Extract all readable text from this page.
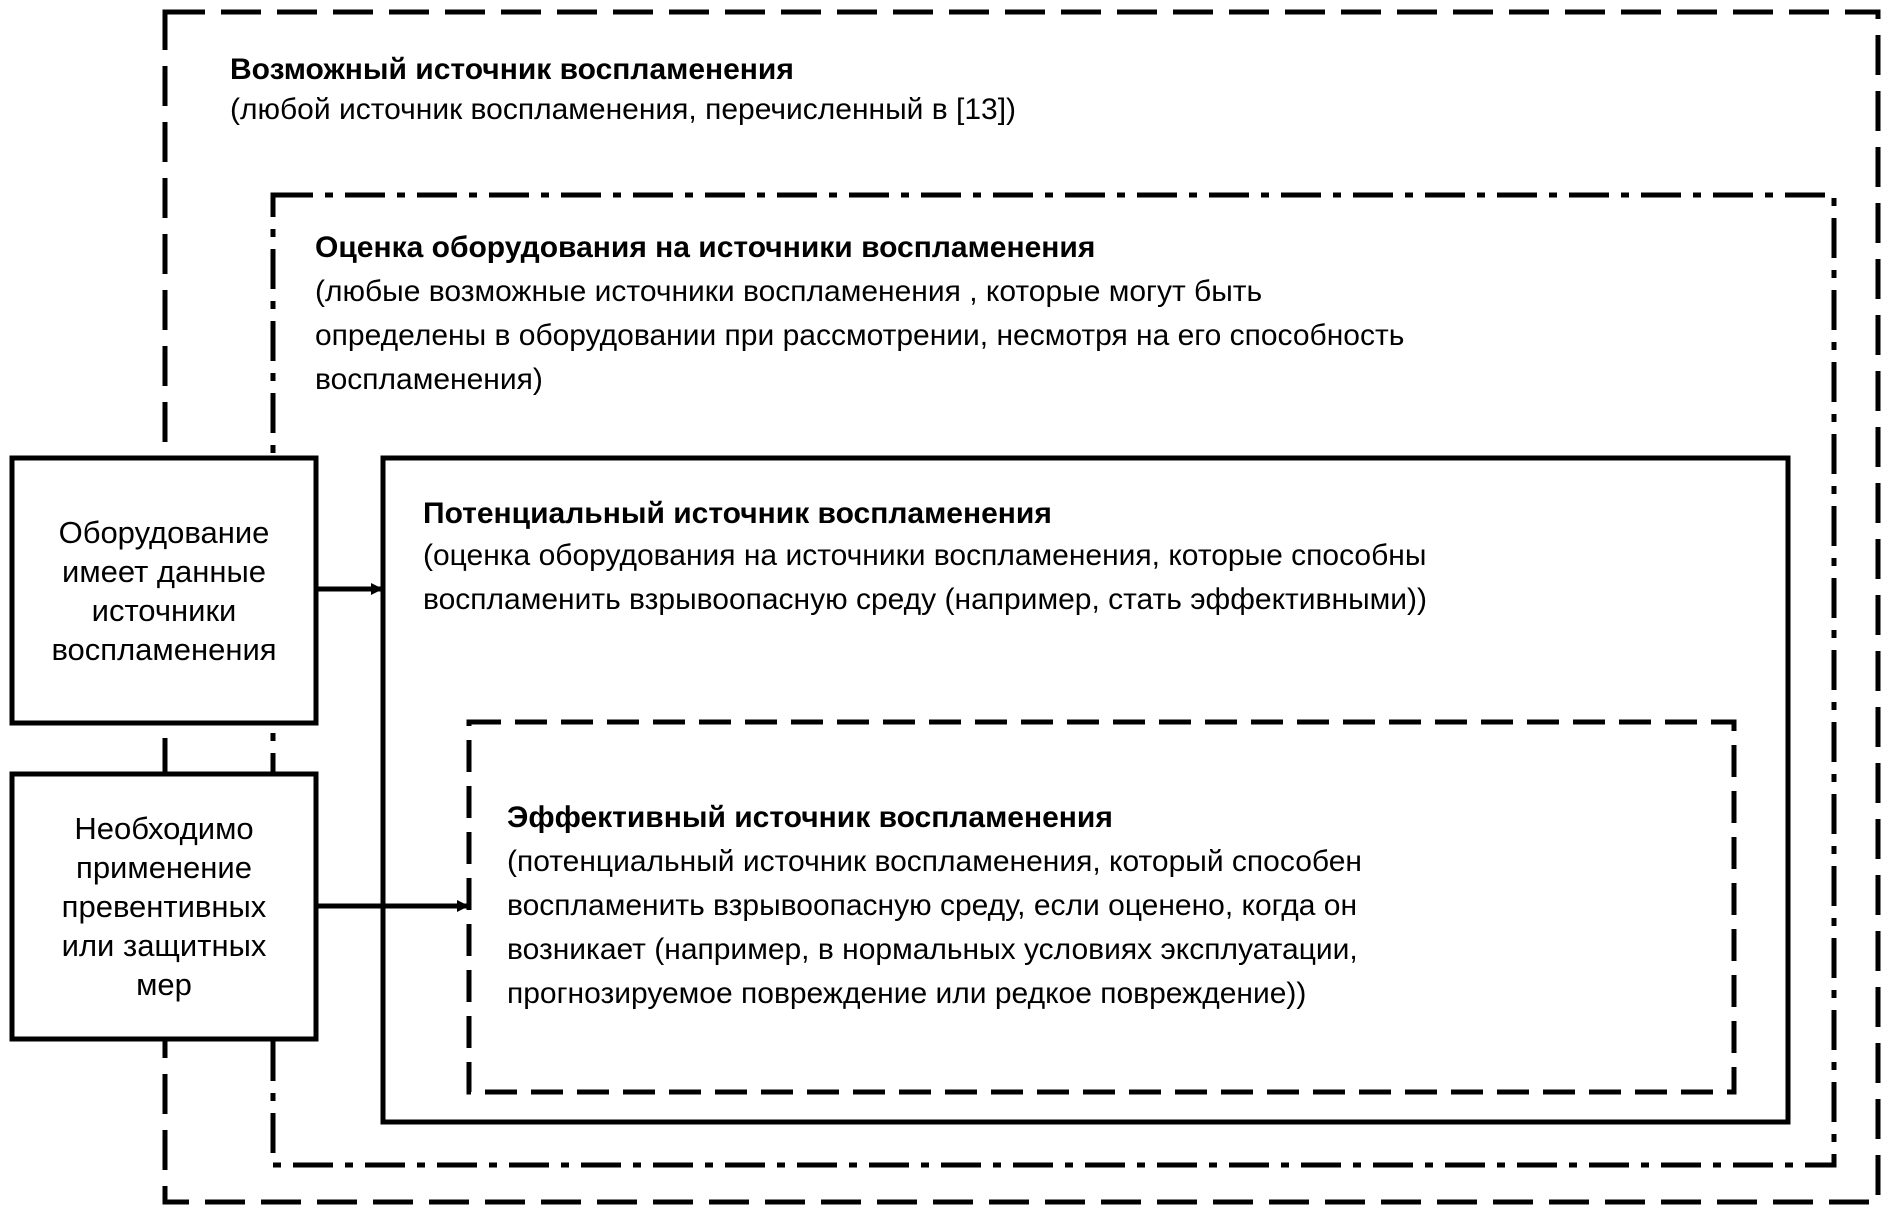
Возможный источник воспламенения
(любой источник воспламенения, перечисленный в [13])
Оценка оборудования на источники воспламенения
(любые возможные источники воспламенения , которые могут быть
определены в оборудовании при рассмотрении, несмотря на его способность
воспламенения)
Потенциальный источник воспламенения
(оценка оборудования на источники воспламенения, которые способны
воспламенить взрывоопасную среду (например, стать эффективными))
Эффективный источник воспламенения
(потенциальный источник воспламенения, который способен
воспламенить взрывоопасную среду, если оценено, когда он
возникает (например, в нормальных условиях эксплуатации,
прогнозируемое повреждение или редкое повреждение))
Оборудование
имеет данные
источники
воспламенения
Необходимо
применение
превентивных
или защитных
мер
